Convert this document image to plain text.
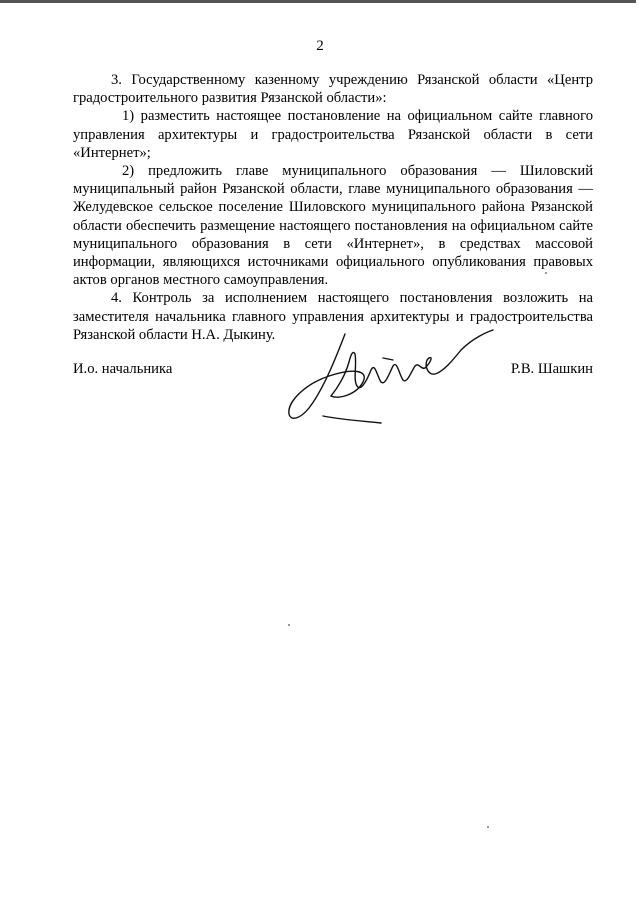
2

3. Государственному казенному учреждению Рязанской области «Центр градостроительного развития Рязанской области»:

1) разместить настоящее постановление на официальном сайте главного управления архитектуры и градостроительства Рязанской области в сети «Интернет»;

2) предложить главе муниципального образования — Шиловский муниципальный район Рязанской области, главе муниципального образования — Желудевское сельское поселение Шиловского муниципального района Рязанской области обеспечить размещение настоящего постановления на официальном сайте муниципального образования в сети «Интернет», в средствах массовой информации, являющихся источниками официального опубликования правовых актов органов местного самоуправления.

4. Контроль за исполнением настоящего постановления возложить на заместителя начальника главного управления архитектуры и градостроительства Рязанской области Н.А. Дыкину.

И.о. начальника	Р.В. Шашкин
